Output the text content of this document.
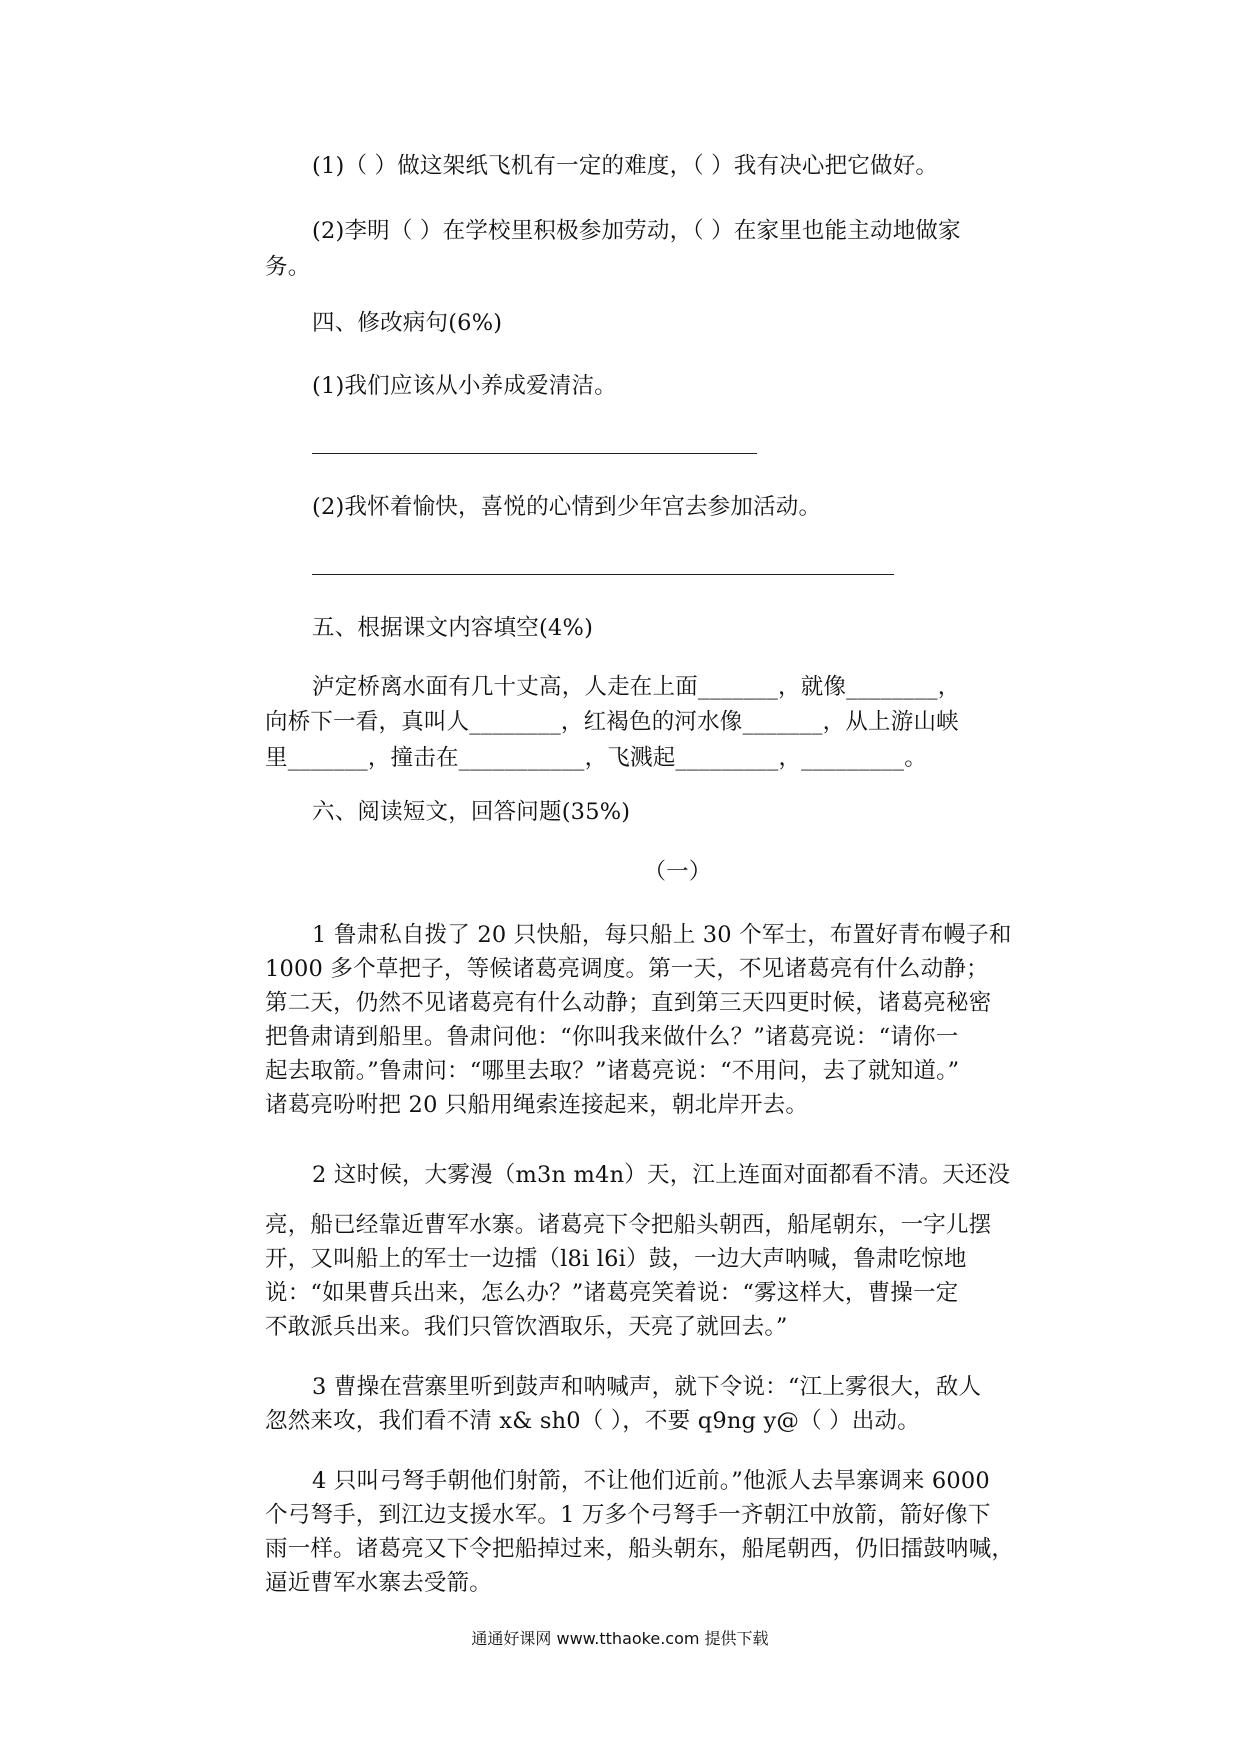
(1)（ ）做这架纸飞机有一定的难度，（ ）我有决心把它做好。
(2)李明（ ）在学校里积极参加劳动，（ ）在家里也能主动地做家
务。
四、修改病句(6%)
(1)我们应该从小养成爱清洁。
(2)我怀着愉快，喜悦的心情到少年宫去参加活动。
五、根据课文内容填空(4%)
泸定桥离水面有几十丈高，人走在上面_______，就像________，
向桥下一看，真叫人________，红褐色的河水像_______，从上游山峡
里_______，撞击在___________，飞溅起_________，_________。
六、阅读短文，回答问题(35%)
（一）
1 鲁肃私自拨了 20 只快船，每只船上 30 个军士，布置好青布幔子和
1000 多个草把子，等候诸葛亮调度。第一天，不见诸葛亮有什么动静；
第二天，仍然不见诸葛亮有什么动静；直到第三天四更时候，诸葛亮秘密
把鲁肃请到船里。鲁肃问他：“你叫我来做什么？”诸葛亮说：“请你一
起去取箭。”鲁肃问：“哪里去取？”诸葛亮说：“不用问，去了就知道。”
诸葛亮吩咐把 20 只船用绳索连接起来，朝北岸开去。
2 这时候，大雾漫（m3n m4n）天，江上连面对面都看不清。天还没
亮，船已经靠近曹军水寨。诸葛亮下令把船头朝西，船尾朝东，一字儿摆
开，又叫船上的军士一边擂（l8i l6i）鼓，一边大声呐喊，鲁肃吃惊地
说：“如果曹兵出来，怎么办？”诸葛亮笑着说：“雾这样大，曹操一定
不敢派兵出来。我们只管饮酒取乐，天亮了就回去。”
3 曹操在营寨里听到鼓声和呐喊声，就下令说：“江上雾很大，敌人
忽然来攻，我们看不清 x& sh0（ ），不要 q9ng y@（ ）出动。
4 只叫弓弩手朝他们射箭，不让他们近前。”他派人去旱寨调来 6000
个弓弩手，到江边支援水军。1 万多个弓弩手一齐朝江中放箭，箭好像下
雨一样。诸葛亮又下令把船掉过来，船头朝东，船尾朝西，仍旧擂鼓呐喊，
逼近曹军水寨去受箭。
通通好课网 www.tthaoke.com 提供下载
